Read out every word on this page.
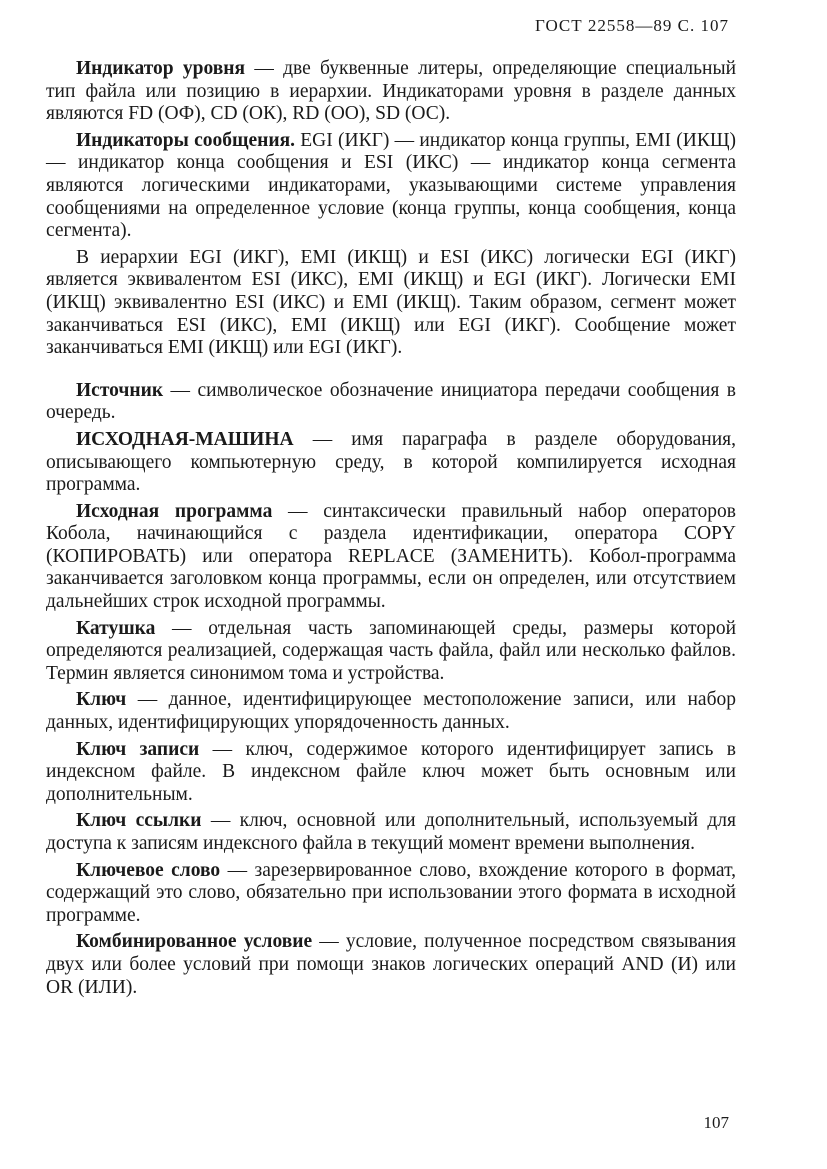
ГОСТ 22558—89 С. 107

Индикатор уровня — две буквенные литеры, определяющие специальный тип файла или позицию в иерархии. Индикаторами уровня в разделе данных являются FD (ОФ), CD (ОК), RD (ОО), SD (ОС).

Индикаторы сообщения. EGI (ИКГ) — индикатор конца группы, EMI (ИКЩ) — индикатор конца сообщения и ESI (ИКС) — индикатор конца сегмента являются логическими индикаторами, указывающими системе управления сообщениями на определенное условие (конца группы, конца сообщения, конца сегмента).

В иерархии EGI (ИКГ), EMI (ИКЩ) и ESI (ИКС) логически EGI (ИКГ) является эквивалентом ESI (ИКС), EMI (ИКЩ) и EGI (ИКГ). Логически EMI (ИКЩ) эквивалентно ESI (ИКС) и EMI (ИКЩ). Таким образом, сегмент может заканчиваться ESI (ИКС), EMI (ИКЩ) или EGI (ИКГ). Сообщение может заканчиваться EMI (ИКЩ) или EGI (ИКГ).

Источник — символическое обозначение инициатора передачи сообщения в очередь.

ИСХОДНАЯ-МАШИНА — имя параграфа в разделе оборудования, описывающего компьютерную среду, в которой компилируется исходная программа.

Исходная программа — синтаксически правильный набор операторов Кобола, начинающийся с раздела идентификации, оператора COPY (КОПИРОВАТЬ) или оператора REPLACE (ЗАМЕНИТЬ). Кобол-программа заканчивается заголовком конца программы, если он определен, или отсутствием дальнейших строк исходной программы.

Катушка — отдельная часть запоминающей среды, размеры которой определяются реализацией, содержащая часть файла, файл или несколько файлов. Термин является синонимом тома и устройства.

Ключ — данное, идентифицирующее местоположение записи, или набор данных, идентифицирующих упорядоченность данных.

Ключ записи — ключ, содержимое которого идентифицирует запись в индексном файле. В индексном файле ключ может быть основным или дополнительным.

Ключ ссылки — ключ, основной или дополнительный, используемый для доступа к записям индексного файла в текущий момент времени выполнения.

Ключевое слово — зарезервированное слово, вхождение которого в формат, содержащий это слово, обязательно при использовании этого формата в исходной программе.

Комбинированное условие — условие, полученное посредством связывания двух или более условий при помощи знаков логических операций AND (И) или OR (ИЛИ).

107
